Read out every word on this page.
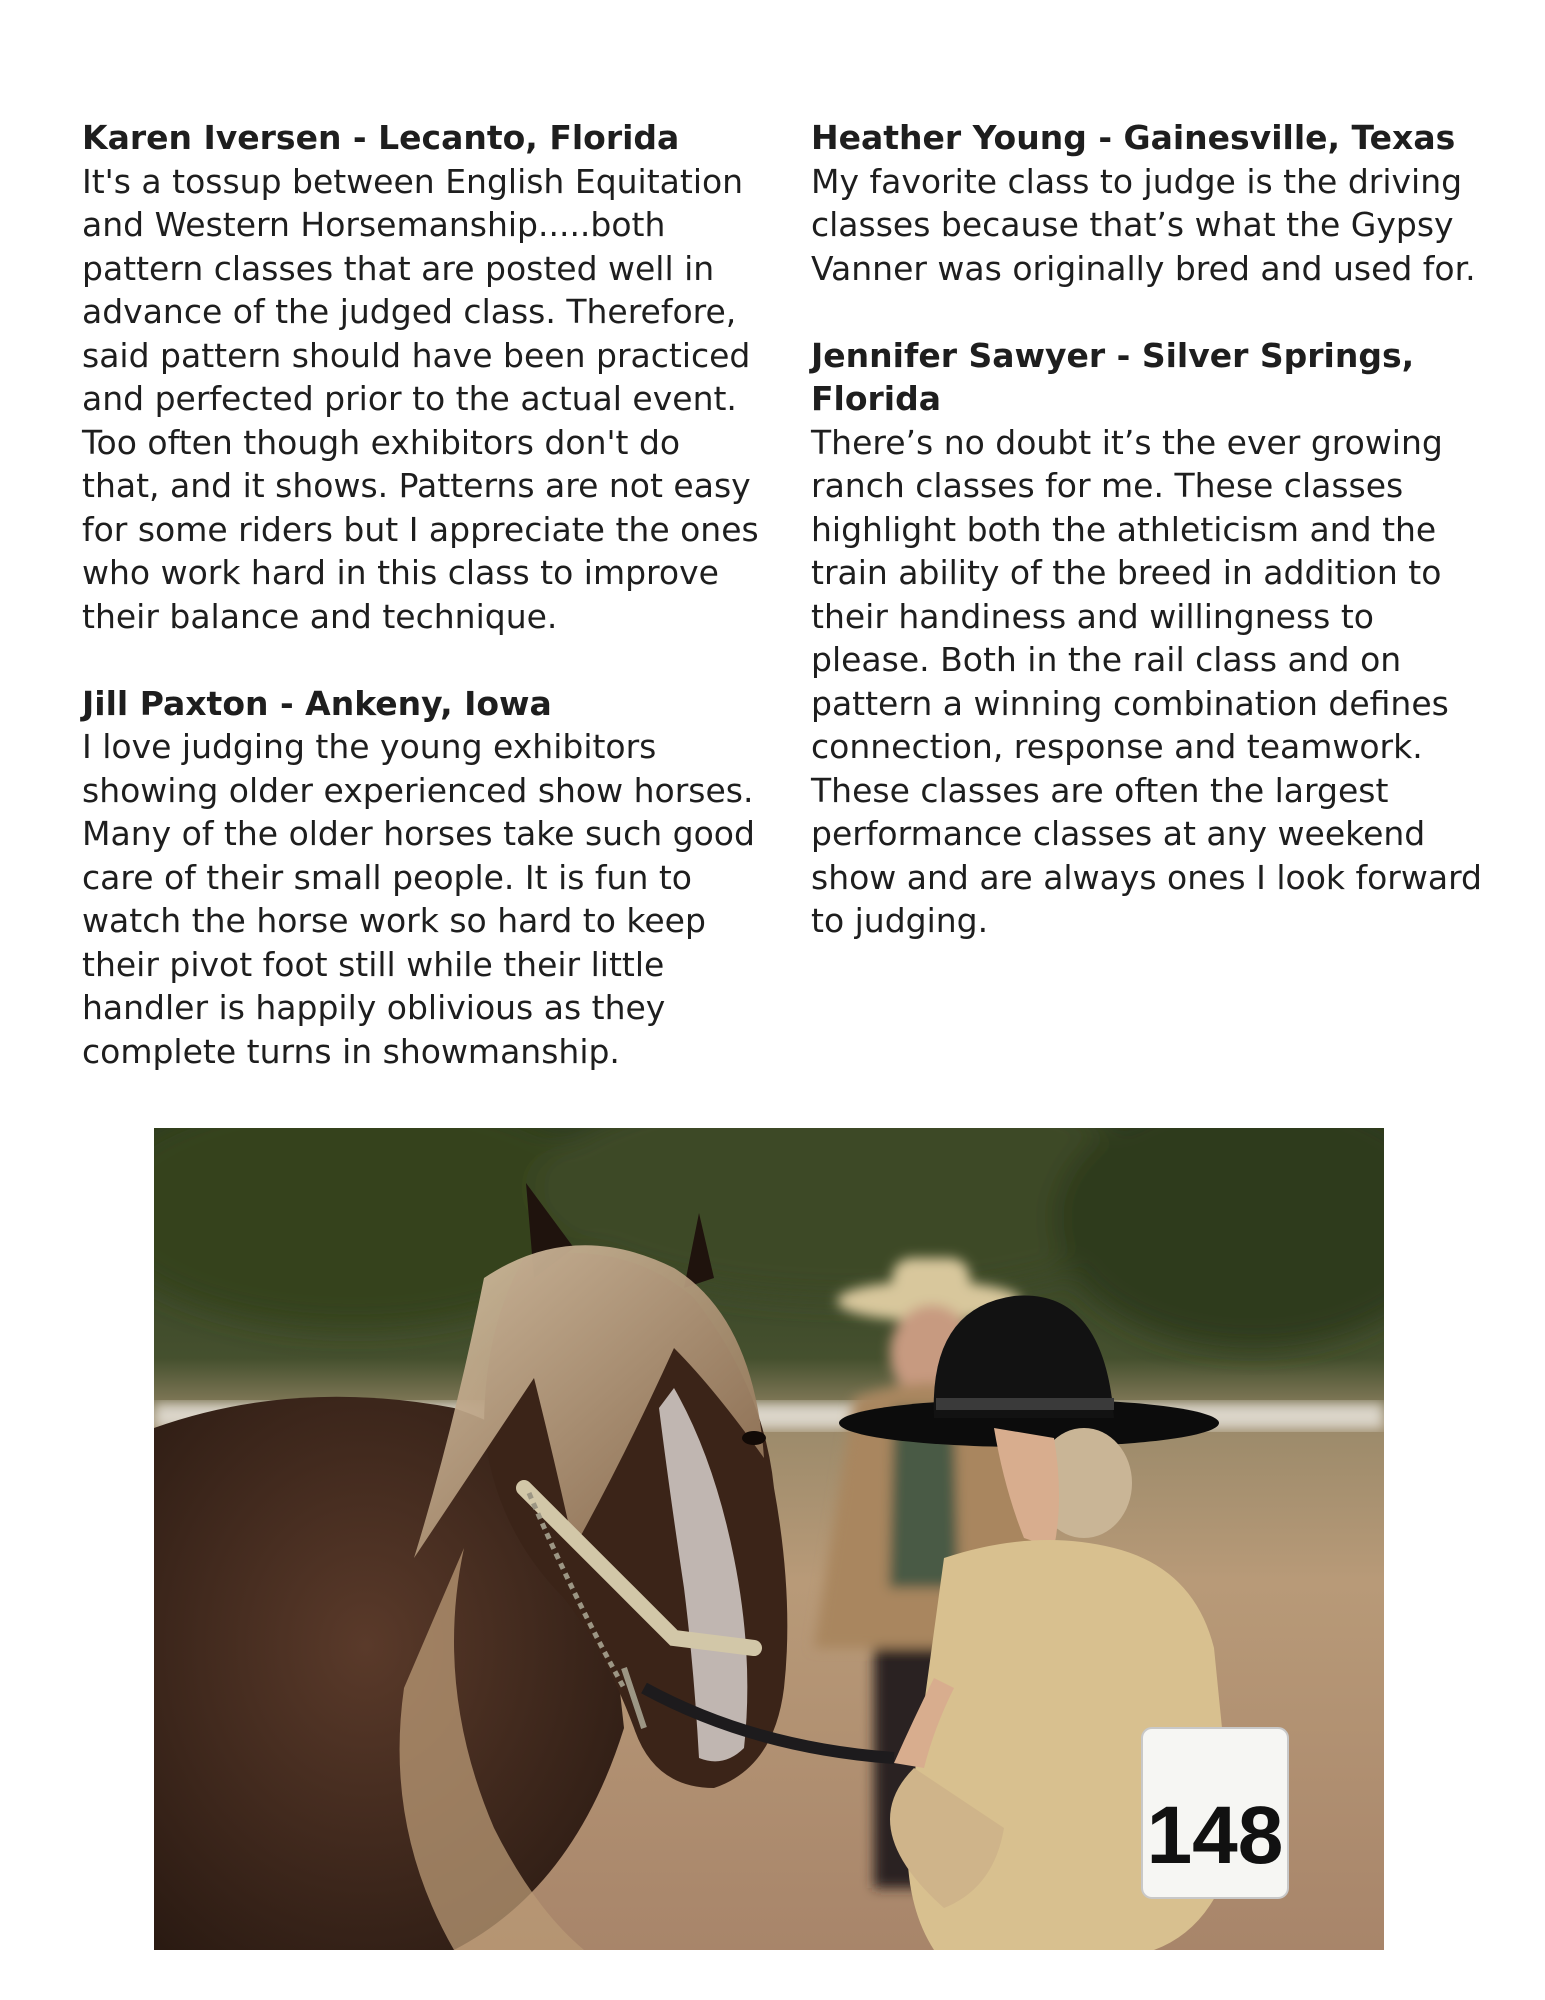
Karen Iversen - Lecanto, Florida

It's a tossup between English Equitation and Western Horsemanship.....both pattern classes that are posted well in advance of the judged class. Therefore, said pattern should have been practiced and perfected prior to the actual event. Too often though exhibitors don't do that, and it shows. Patterns are not easy for some riders but I appreciate the ones who work hard in this class to improve their balance and technique.

Jill Paxton - Ankeny, Iowa

I love judging the young exhibitors showing older experienced show horses. Many of the older horses take such good care of their small people. It is fun to watch the horse work so hard to keep their pivot foot still while their little handler is happily oblivious as they complete turns in showmanship.

Heather Young - Gainesville, Texas

My favorite class to judge is the driving classes because that’s what the Gypsy Vanner was originally bred and used for.

Jennifer Sawyer - Silver Springs, Florida

There’s no doubt it’s the ever growing ranch classes for me. These classes highlight both the athleticism and the train ability of the breed in addition to their handiness and willingness to please. Both in the rail class and on pattern a winning combination defines connection, response and teamwork. These classes are often the largest performance classes at any weekend show and are always ones I look forward to judging.

148
